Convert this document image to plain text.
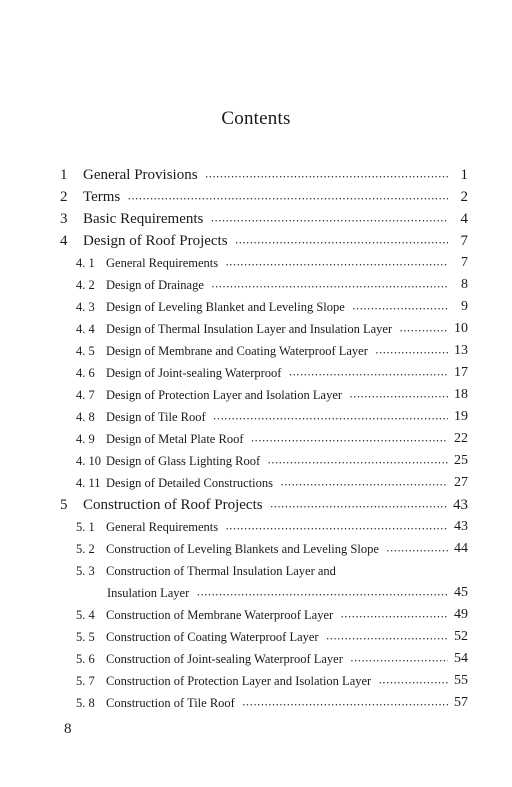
Contents
1	General Provisions •••••	1
2	Terms •••••	2
3	Basic Requirements •••••	4
4	Design of Roof Projects •••••	7
4. 1 General Requirements •••••	7
4. 2 Design of Drainage •••••	8
4. 3 Design of Leveling Blanket and Leveling Slope •••••	9
4. 4 Design of Thermal Insulation Layer and Insulation Layer •••••	10
4. 5 Design of Membrane and Coating Waterproof Layer •••••	13
4. 6 Design of Joint-sealing Waterproof •••••	17
4. 7 Design of Protection Layer and Isolation Layer •••••	18
4. 8 Design of Tile Roof •••••	19
4. 9 Design of Metal Plate Roof •••••	22
4. 10 Design of Glass Lighting Roof •••••	25
4. 11 Design of Detailed Constructions •••••	27
5	Construction of Roof Projects •••••	43
5. 1 General Requirements •••••	43
5. 2 Construction of Leveling Blankets and Leveling Slope •••••	44
5. 3 Construction of Thermal Insulation Layer and
Insulation Layer •••••	45
5. 4 Construction of Membrane Waterproof Layer •••••	49
5. 5 Construction of Coating Waterproof Layer •••••	52
5. 6 Construction of Joint-sealing Waterproof Layer •••••	54
5. 7 Construction of Protection Layer and Isolation Layer •••••	55
5. 8 Construction of Tile Roof •••••	57
8
